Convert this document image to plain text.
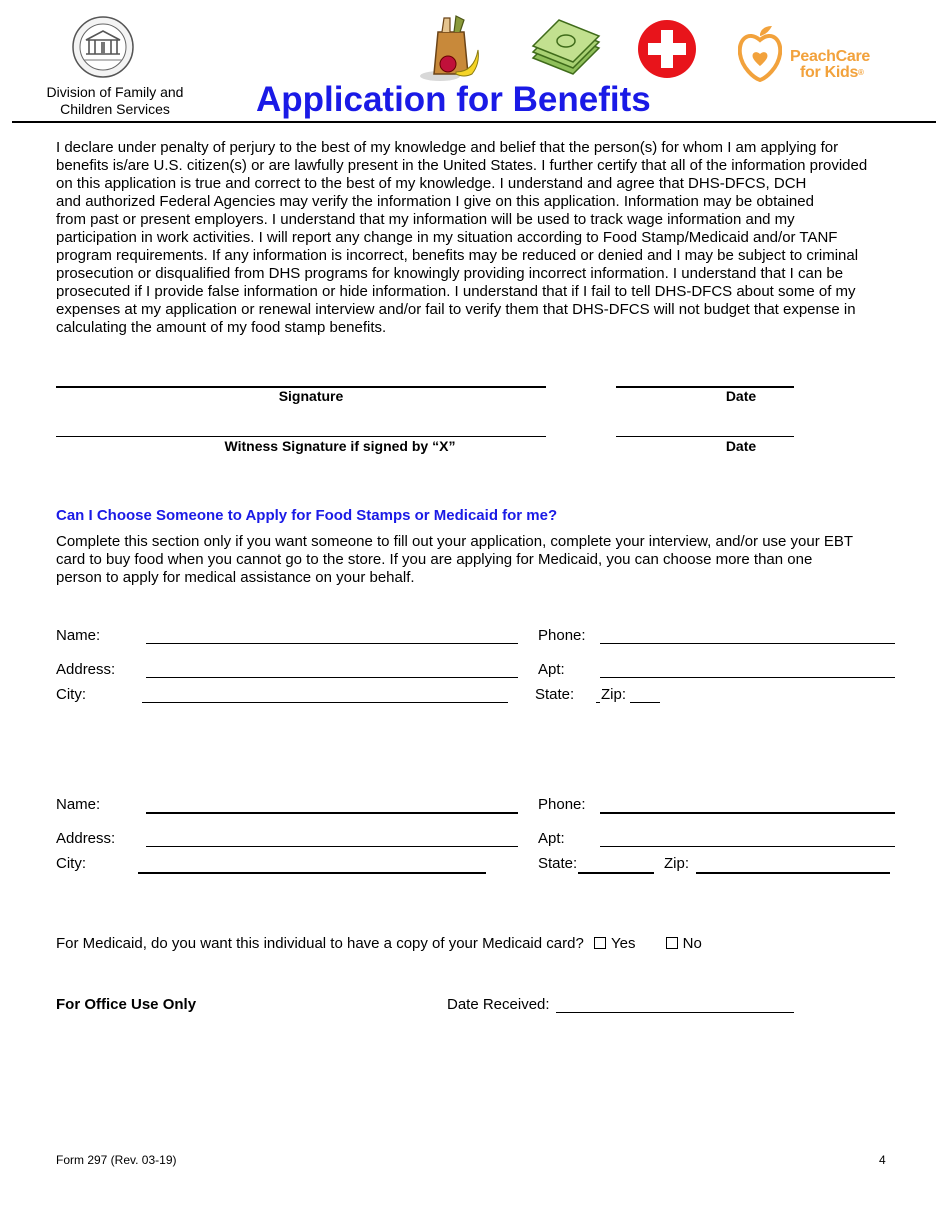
Division of Family and
Children Services
PeachCare
for Kids®
Application for Benefits

I declare under penalty of perjury to the best of my knowledge and belief that the person(s) for whom I am applying for

benefits is/are U.S. citizen(s) or are lawfully present in the United States. I further certify that all of the information provided

on this application is true and correct to the best of my knowledge. I understand and agree that DHS-DFCS, DCH

and authorized Federal Agencies may verify the information I give on this application. Information may be obtained

from past or present employers. I understand that my information will be used to track wage information and my

participation in work activities. I will report any change in my situation according to Food Stamp/Medicaid and/or TANF

program requirements. If any information is incorrect, benefits may be reduced or denied and I may be subject to criminal

prosecution or disqualified from DHS programs for knowingly providing incorrect information. I understand that I can be

prosecuted if I provide false information or hide information. I understand that if I fail to tell DHS-DFCS about some of my

expenses at my application or renewal interview and/or fail to verify them that DHS-DFCS will not budget that expense in

calculating the amount of my food stamp benefits.

Signature	Date
Witness Signature if signed by “X”	Date
Can I Choose Someone to Apply for Food Stamps or Medicaid for me?

Complete this section only if you want someone to fill out your application, complete your interview, and/or use your EBT

card to buy food when you cannot go to the store. If you are applying for Medicaid, you can choose more than one

person to apply for medical assistance on your behalf.

Name:	Phone:
Address:	Apt:
City:	State: Zip:
Name:	Phone:
Address:	Apt:
City:	State:	Zip:
For Medicaid, do you want this individual to have a copy of your Medicaid card? Yes	No
For Office Use Only	Date Received:
Form 297 (Rev. 03-19)	4
